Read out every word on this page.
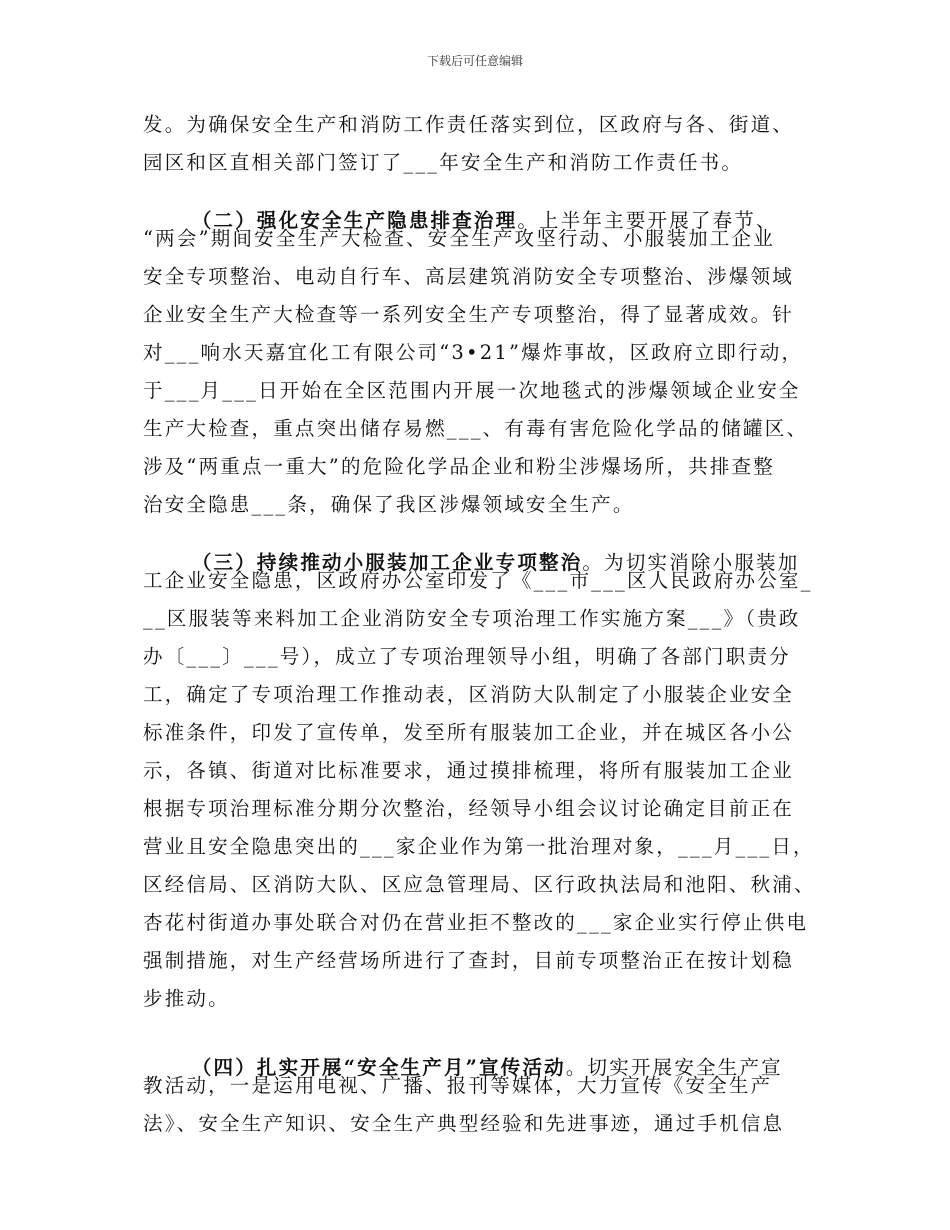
下载后可任意编辑
发。为确保安全生产和消防工作责任落实到位，区政府与各、街道、
园区和区直相关部门签订了___年安全生产和消防工作责任书。

（二）强化安全生产隐患排查治理。上半年主要开展了春节、

“两会”期间安全生产大检查、安全生产攻坚行动、小服装加工企业
安全专项整治、电动自行车、高层建筑消防安全专项整治、涉爆领域
企业安全生产大检查等一系列安全生产专项整治，得了显著成效。针
对___响水天嘉宜化工有限公司“3•21”爆炸事故，区政府立即行动，
于___月___日开始在全区范围内开展一次地毯式的涉爆领域企业安全
生产大检查，重点突出储存易燃___、有毒有害危险化学品的储罐区、
涉及“两重点一重大”的危险化学品企业和粉尘涉爆场所，共排查整
治安全隐患___条，确保了我区涉爆领域安全生产。

（三）持续推动小服装加工企业专项整治。为切实消除小服装加

工企业安全隐患，区政府办公室印发了《___市___区人民政府办公室_
__区服装等来料加工企业消防安全专项治理工作实施方案___》（贵政
办〔___〕___号），成立了专项治理领导小组，明确了各部门职责分
工，确定了专项治理工作推动表，区消防大队制定了小服装企业安全
标准条件，印发了宣传单，发至所有服装加工企业，并在城区各小公
示，各镇、街道对比标准要求，通过摸排梳理，将所有服装加工企业
根据专项治理标准分期分次整治，经领导小组会议讨论确定目前正在
营业且安全隐患突出的___家企业作为第一批治理对象，___月___日，
区经信局、区消防大队、区应急管理局、区行政执法局和池阳、秋浦、
杏花村街道办事处联合对仍在营业拒不整改的___家企业实行停止供电
强制措施，对生产经营场所进行了查封，目前专项整治正在按计划稳
步推动。

（四）扎实开展“安全生产月”宣传活动。切实开展安全生产宣

教活动，一是运用电视、广播、报刊等媒体，大力宣传《安全生产
法》、安全生产知识、安全生产典型经验和先进事迹，通过手机信息
